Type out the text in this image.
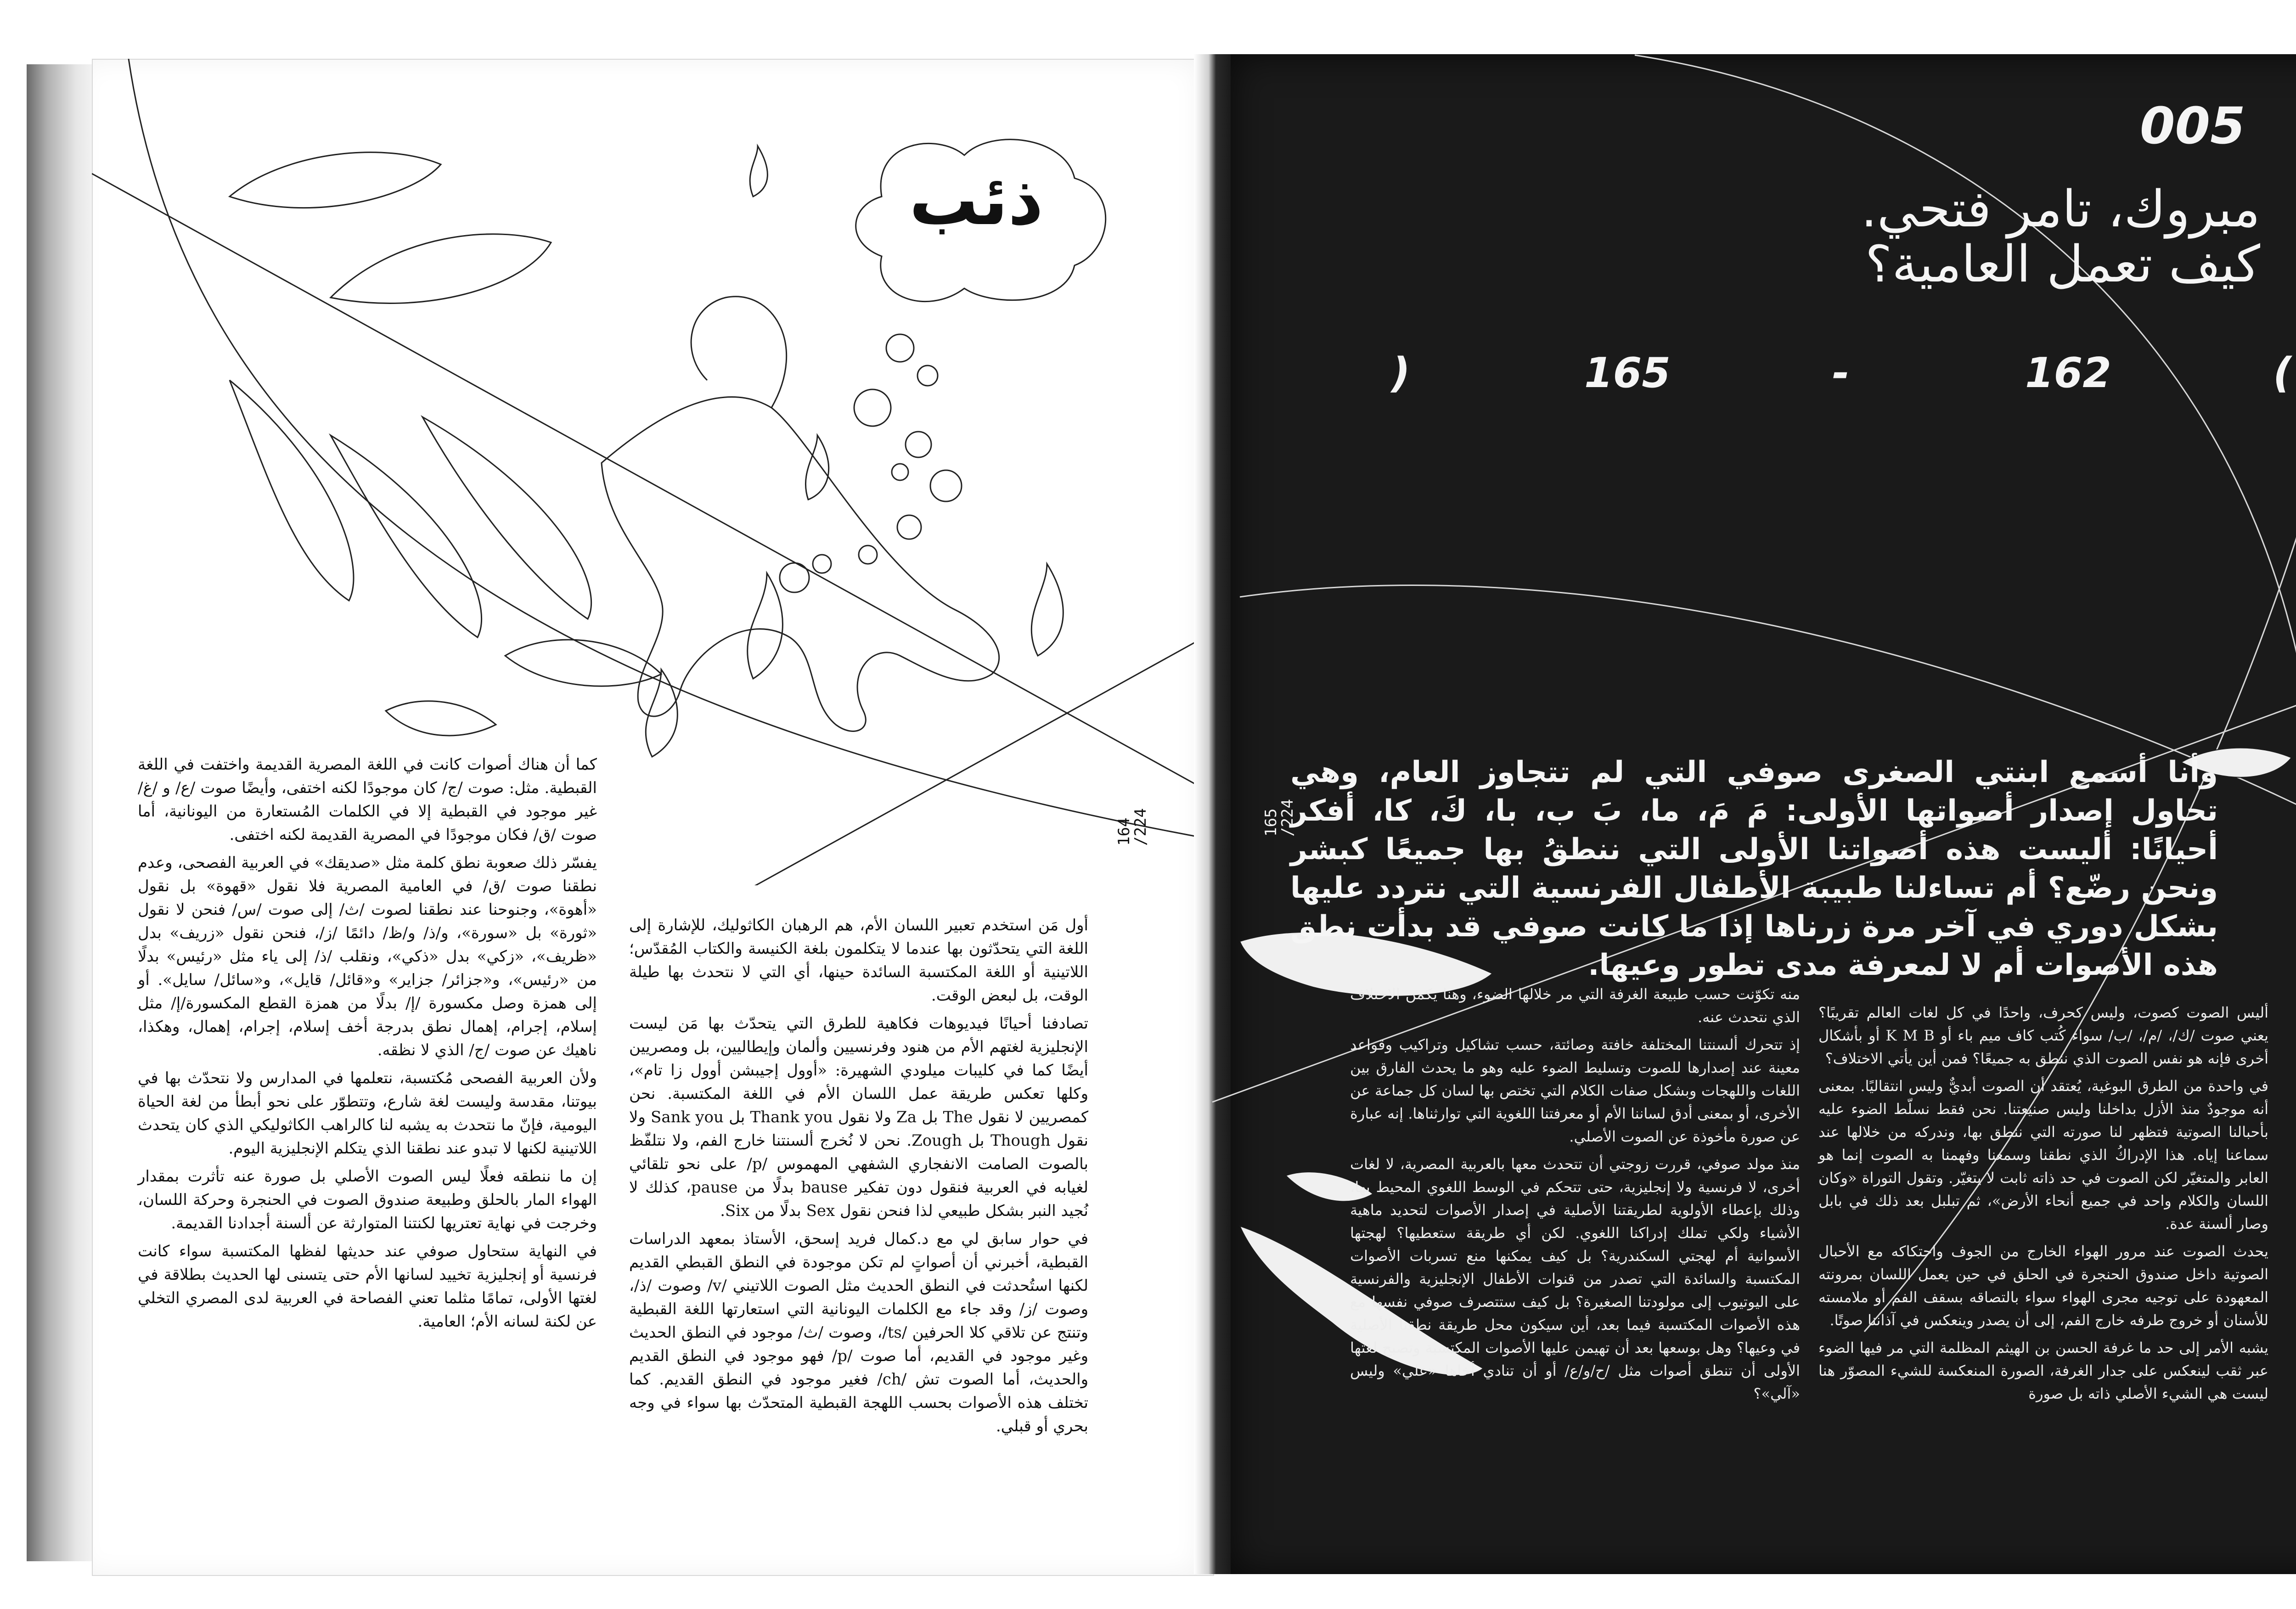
ذئب
164
/224

كما أن هناك أصوات كانت في اللغة المصرية القديمة واختفت في اللغة القبطية. مثل: صوت /ج/ كان موجودًا لكنه اختفى، وأيضًا صوت /ع/ و /غ/ غير موجود في القبطية إلا في الكلمات المُستعارة من اليونانية، أما صوت /ق/ فكان موجودًا في المصرية القديمة لكنه اختفى.

يفسّر ذلك صعوبة نطق كلمة مثل «صديقك» في العربية الفصحى، وعدم نطقنا صوت /ق/ في العامية المصرية فلا نقول «قهوة» بل نقول «أهوة»، وجنوحنا عند نطقنا لصوت /ث/ إلى صوت /س/ فنحن لا نقول «ثورة» بل «سورة»، و/ذ/ و/ظ/ دائمًا /ز/، فنحن نقول «زريف» بدل «ظريف»، «زكي» بدل «ذكي»، ونقلب /ذ/ إلى ياء مثل «رئيس» بدلًا من «رئيس»، و«جزائر/ جزاير» و«قائل/ قايل»، و«سائل/ سايل». أو إلى همزة وصل مكسورة /إ/ بدلًا من همزة القطع المكسورة/إ/ مثل إسلام، إجرام، إهمال نطق بدرجة أخف إسلام، إجرام، إهمال، وهكذا، ناهيك عن صوت /ج/ الذي لا نظقه.

ولأن العربية الفصحى مُكتسبة، نتعلمها في المدارس ولا نتحدّث بها في بيوتنا، مقدسة وليست لغة شارع، وتتطوّر على نحو أبطأ من لغة الحياة اليومية، فإنّ ما نتحدث به يشبه لنا كالراهب الكاثوليكي الذي كان يتحدث اللاتينية لكنها لا تبدو عند نطقنا الذي يتكلم الإنجليزية اليوم.

إن ما ننطقه فعلًا ليس الصوت الأصلي بل صورة عنه تأثرت بمقدار الهواء المار بالحلق وطبيعة صندوق الصوت في الحنجرة وحركة اللسان، وخرجت في نهاية تعتريها لكنتنا المتوارثة عن ألسنة أجدادنا القديمة.

في النهاية ستحاول صوفي عند حديثها لفظها المكتسبة سواء كانت فرنسية أو إنجليزية تخييد لسانها الأم حتى يتسنى لها الحديث بطلاقة في لغتها الأولى، تمامًا مثلما تعني الفصاحة في العربية لدى المصري التخلي عن لكنة لسانه الأم؛ العامية.

أول مَن استخدم تعبير اللسان الأم، هم الرهبان الكاثوليك، للإشارة إلى اللغة التي يتحدّثون بها عندما لا يتكلمون بلغة الكنيسة والكتاب المُقدّس؛ اللاتينية أو اللغة المكتسبة السائدة حينها، أي التي لا نتحدث بها طيلة الوقت، بل لبعض الوقت.

تصادفنا أحيانًا فيديوهات فكاهية للطرق التي يتحدّث بها مَن ليست الإنجليزية لغتهم الأم من هنود وفرنسيين وألمان وإيطاليين، بل ومصريين أيضًا كما في كليبات ميلودي الشهيرة: «أوول إجيبشن أوول زا تام»، وكلها تعكس طريقة عمل اللسان الأم في اللغة المكتسبة. نحن كمصريين لا نقول The بل Za ولا نقول Thank you بل Sank you ولا نقول Though بل Zough. نحن لا نُخرج ألسنتنا خارج الفم، ولا نتلفّظ بالصوت الصامت الانفجاري الشفهي المهموس /p/ على نحو تلقائي لغيابه في العربية فنقول دون تفكير bause بدلًا من pause، كذلك لا نُجيد النبر بشكل طبيعي لذا فنحن نقول Sex بدلًا من Six.

في حوار سابق لي مع د.كمال فريد إسحق، الأستاذ بمعهد الدراسات القبطية، أخبرني أن أصواتٍ لم تكن موجودة في النطق القبطي القديم لكنها استُحدثت في النطق الحديث مثل الصوت اللاتيني /v/ وصوت /ذ/، وصوت /ز/ وقد جاء مع الكلمات اليونانية التي استعارتها اللغة القبطية وتنتج عن تلاقي كلا الحرفين /ts/، وصوت /ث/ موجود في النطق الحديث وغير موجود في القديم، أما صوت /p/ فهو موجود في النطق القديم والحديث، أما الصوت تش /ch/ فغير موجود في النطق القديم. كما تختلف هذه الأصوات بحسب اللهجة القبطية المتحدّث بها سواء في وجه بحري أو قبلي.

005
مبروك، تامر فتحي.
كيف تعمل العامية؟
(
162
-
165
)
165
/224
وأنا أسمع ابنتي الصغرى صوفي التي لم تتجاوز العام، وهي تحاول إصدار أصواتها الأولى: مَ مَ، ما، بَ ب، با، كَ، كا، أفكر أحيانًا: أليست هذه أصواتنا الأولى التي ننطقُ بها جميعًا كبشر ونحن رضّع؟ أم تساءلنا طبيبة الأطفال الفرنسية التي نتردد عليها بشكل دوري في آخر مرة زرناها إذا ما كانت صوفي قد بدأت نطق هذه الأصوات أم لا لمعرفة مدى تطور وعيها.

أليس الصوت كصوت، وليس كحرف، واحدًا في كل لغات العالم تقريبًا؟ يعني صوت /ك/، /م/، /ب/ سواء كُتب كاف ميم باء أو K M B أو بأشكال أخرى فإنه هو نفس الصوت الذي ننطق به جميعًا؟ فمن أين يأتي الاختلاف؟

في واحدة من الطرق البوغية، يُعتقد أن الصوت أبديٌّ وليس انتقاليًا. بمعنى أنه موجودٌ منذ الأزل بداخلنا وليس صنيعتنا. نحن فقط نسلّط الضوء عليه بأحبالنا الصوتية فتظهر لنا صورته التي ننطق بها، وندركه من خلالها عند سماعنا إياه. هذا الإدراكُ الذي نطقنا وسمعنا وفهمنا به الصوت إنما هو العابر والمتغيّر لكن الصوت في حد ذاته ثابت لا يتغيّر. وتقول التوراة «وكان اللسان والكلام واحد في جميع أنحاء الأرض»، ثم تبلبل بعد ذلك في بابل وصار ألسنة عدة.

يحدث الصوت عند مرور الهواء الخارج من الجوف واحتكاكه مع الأحبال الصوتية داخل صندوق الحنجرة في الحلق في حين يعمل اللسان بمرونته المعهودة على توجيه مجرى الهواء سواء بالتصاقه بسقف الفم أو ملامسته للأسنان أو خروج طرفه خارج الفم، إلى أن يصدر وينعكس في آذاننا صوتًا.

يشبه الأمر إلى حد ما غرفة الحسن بن الهيثم المظلمة التي مر فيها الضوء عبر ثقب لينعكس على جدار الغرفة، الصورة المنعكسة للشيء المصوّر هنا ليست هي الشيء الأصلي ذاته بل صورة

منه تكوّنت حسب طبيعة الغرفة التي مر خلالها الضوء، وهنا يكمن الاختلاف الذي نتحدث عنه.

إذ تتحرك ألسنتنا المختلفة خافتة وصائتة، حسب تشاكيل وتراكيب وقواعد معينة عند إصدارها للصوت وتسليط الضوء عليه وهو ما يحدث الفارق بين اللغات واللهجات وبشكل صفات الكلام التي تختص بها لسان كل جماعة عن الأخرى، أو بمعنى أدق لساننا الأم أو معرفتنا اللغوية التي توارثناها. إنه عبارة عن صورة مأخوذة عن الصوت الأصلي.

منذ مولد صوفي، قررت زوجتي أن تتحدث معها بالعربية المصرية، لا لغات أخرى، لا فرنسية ولا إنجليزية، حتى تتحكم في الوسط اللغوي المحيط بها، وذلك بإعطاء الأولوية لطريقتنا الأصلية في إصدار الأصوات لتحديد ماهية الأشياء ولكي تملك إدراكنا اللغوي. لكن أي طريقة ستعطيها؟ لهجتها الأسوانية أم لهجتي السكندرية؟ بل كيف يمكنها منع تسربات الأصوات المكتسبة والسائدة التي تصدر من قنوات الأطفال الإنجليزية والفرنسية على اليوتيوب إلى مولودتنا الصغيرة؟ بل كيف ستتصرف صوفي نفسها مع هذه الأصوات المكتسبة فيما بعد، أين سيكون محل طريقة نطقنا الأصلية في وعيها؟ وهل بوسعها بعد أن تهيمن عليها الأصوات المكتسبة وتصبح لغتها الأولى أن تنطق أصوات مثل /ح/و/ع/ أو أن تنادي أخاها «علي» وليس «آلي»؟
